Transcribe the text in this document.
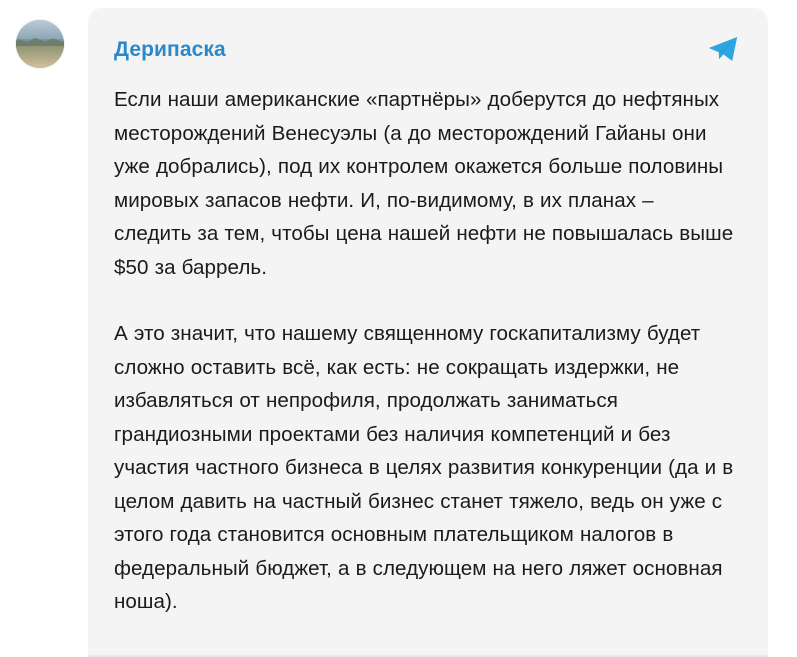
Дерипаска

Если наши американские «партнёры» доберутся до нефтяных месторождений Венесуэлы (а до месторождений Гайаны они уже добрались), под их контролем окажется больше половины мировых запасов нефти. И, по-видимому, в их планах – следить за тем, чтобы цена нашей нефти не повышалась выше $50 за баррель.

А это значит, что нашему священному госкапитализму будет сложно оставить всё, как есть: не сокращать издержки, не избавляться от непрофиля, продолжать заниматься грандиозными проектами без наличия компетенций и без участия частного бизнеса в целях развития конкуренции (да и в целом давить на частный бизнес станет тяжело, ведь он уже с этого года становится основным плательщиком налогов в федеральный бюджет, а в следующем на него ляжет основная ноша).
